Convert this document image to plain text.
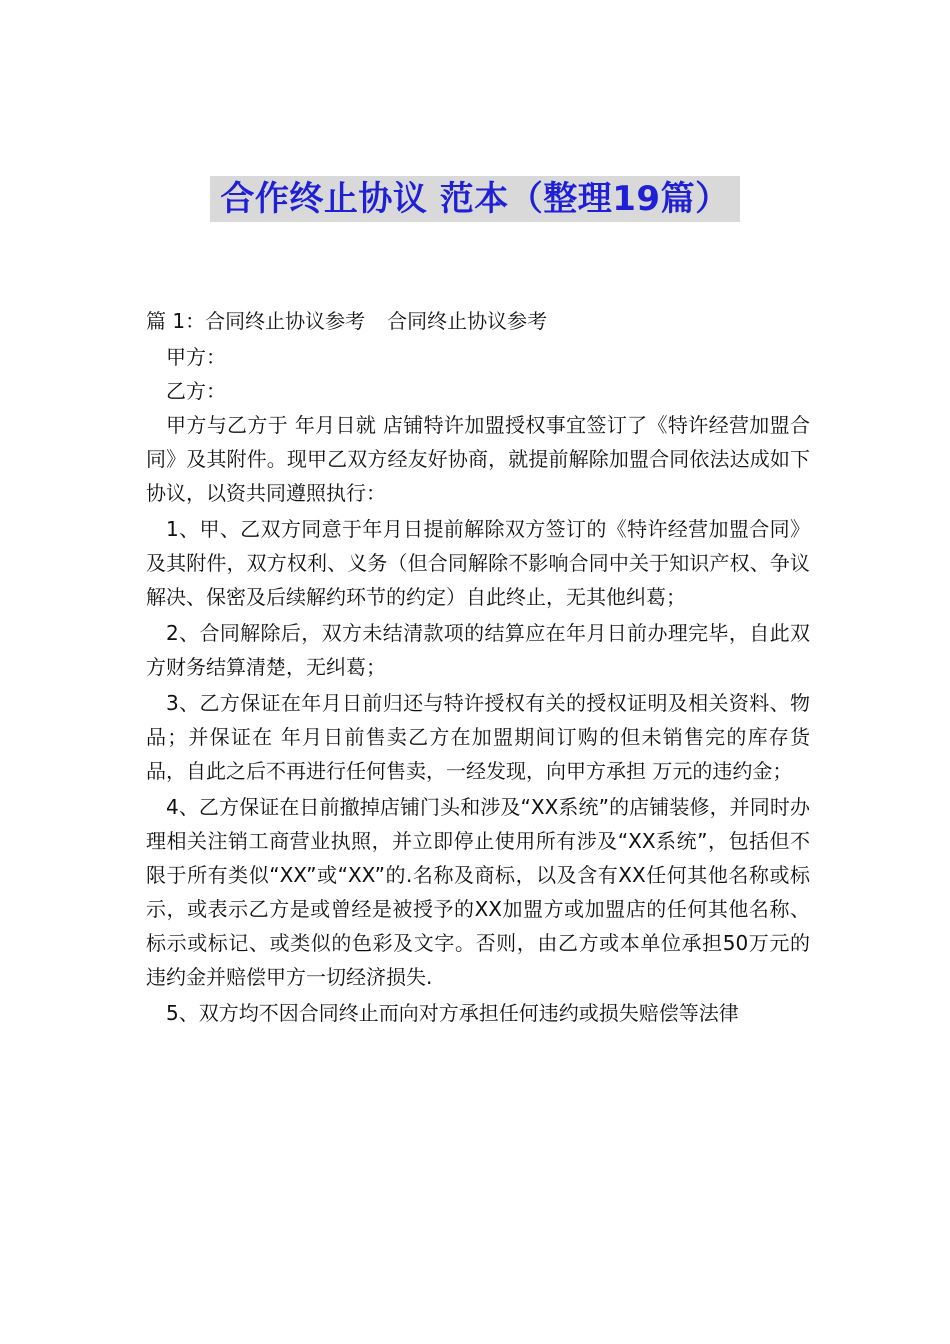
合作终止协议 范本（整理19篇）

篇 1：合同终止协议参考 合同终止协议参考

甲方：

乙方：

甲方与乙方于 年月日就 店铺特许加盟授权事宜签订了《特许经营加盟合同》及其附件。现甲乙双方经友好协商，就提前解除加盟合同依法达成如下协议，以资共同遵照执行：

1、甲、乙双方同意于年月日提前解除双方签订的《特许经营加盟合同》及其附件，双方权利、义务（但合同解除不影响合同中关于知识产权、争议解决、保密及后续解约环节的约定）自此终止，无其他纠葛；

2、合同解除后，双方未结清款项的结算应在年月日前办理完毕，自此双方财务结算清楚，无纠葛；

3、乙方保证在年月日前归还与特许授权有关的授权证明及相关资料、物品；并保证在 年月日前售卖乙方在加盟期间订购的但未销售完的库存货品，自此之后不再进行任何售卖，一经发现，向甲方承担 万元的违约金；

4、乙方保证在日前撤掉店铺门头和涉及“XX系统”的店铺装修，并同时办理相关注销工商营业执照，并立即停止使用所有涉及“XX系统”，包括但不限于所有类似“XX”或“XX”的.名称及商标，以及含有XX任何其他名称或标示，或表示乙方是或曾经是被授予的XX加盟方或加盟店的任何其他名称、标示或标记、或类似的色彩及文字。否则，由乙方或本单位承担50万元的违约金并赔偿甲方一切经济损失.

5、双方均不因合同终止而向对方承担任何违约或损失赔偿等法律
